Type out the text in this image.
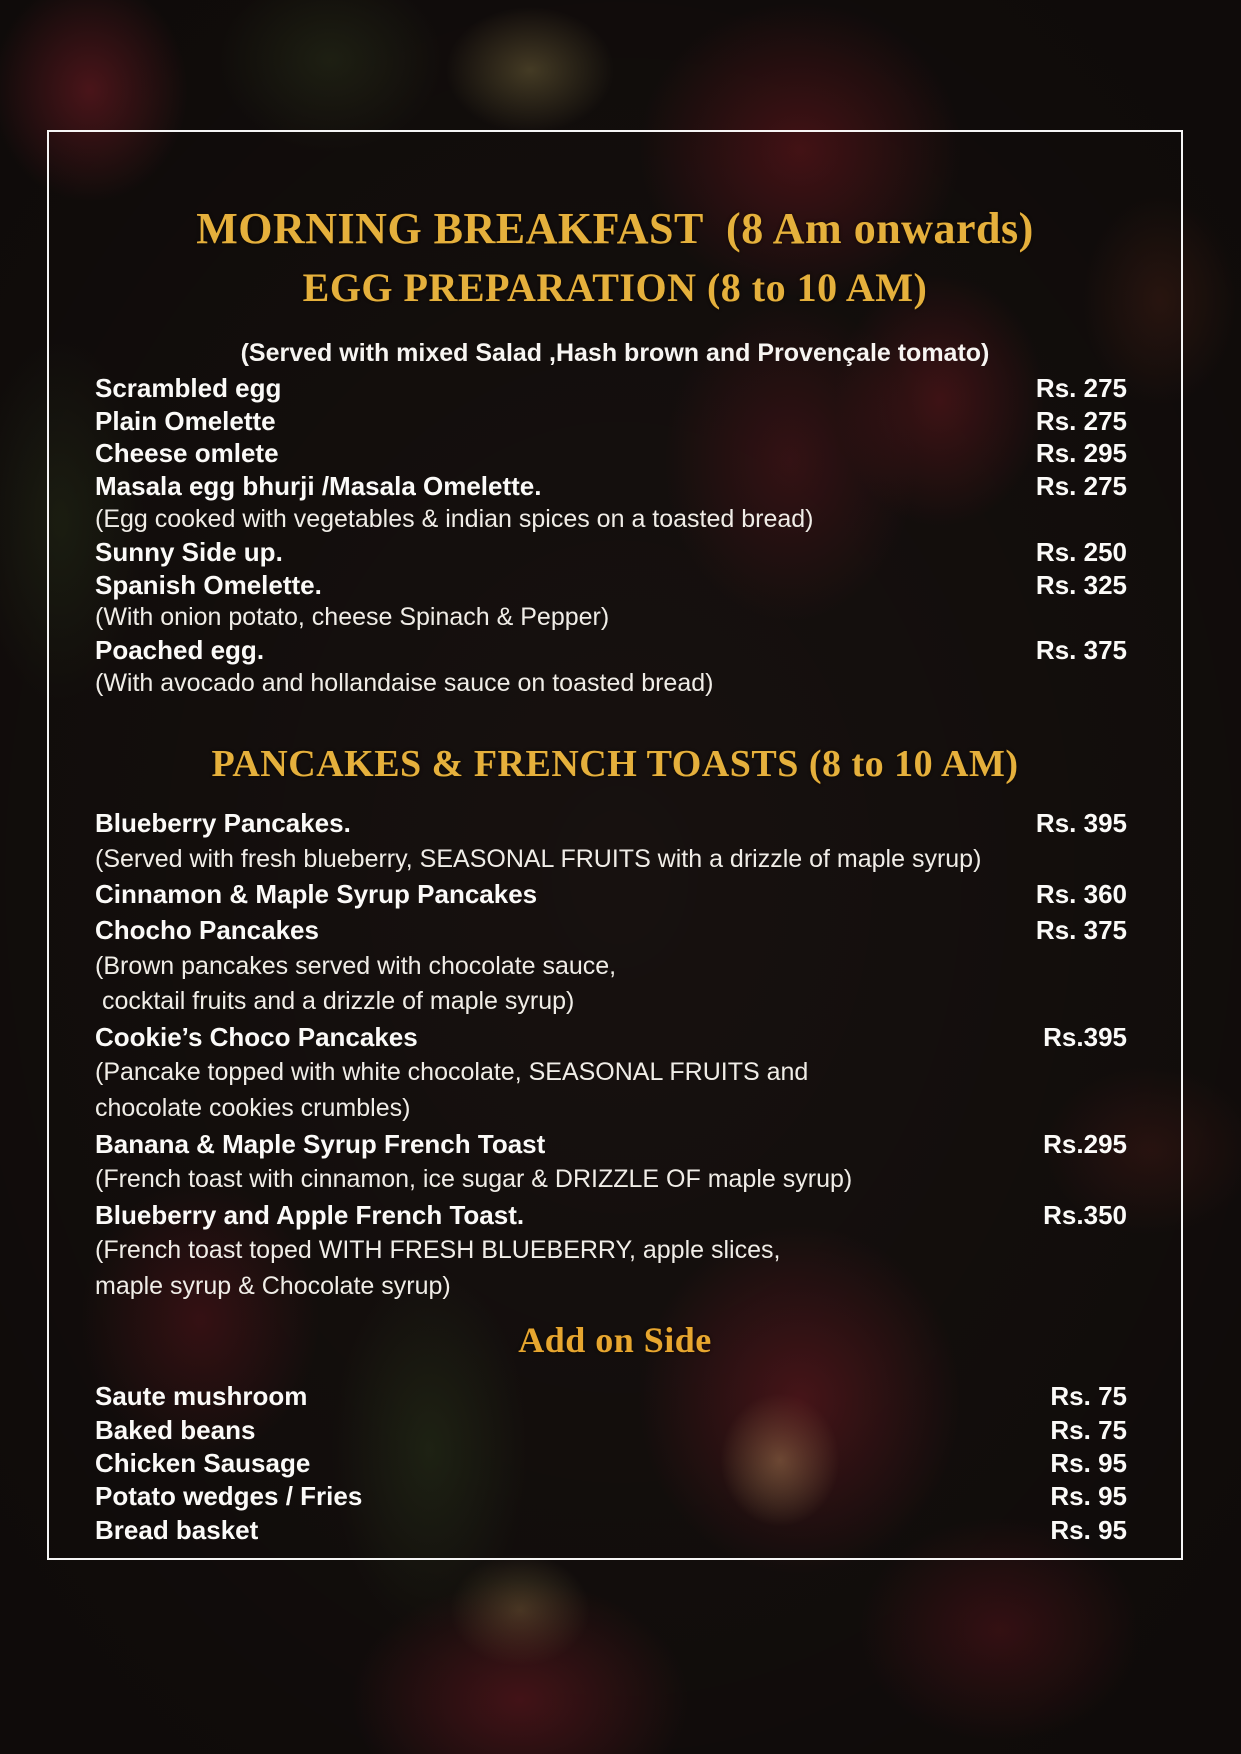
MORNING BREAKFAST  (8 Am onwards)
EGG PREPARATION (8 to 10 AM)
(Served with mixed Salad ,Hash brown and Provençale tomato)
Scrambled egg	Rs. 275
Plain Omelette	Rs. 275
Cheese omlete	Rs. 295
Masala egg bhurji /Masala Omelette.	Rs. 275
(Egg cooked with vegetables & indian spices on a toasted bread)
Sunny Side up.	Rs. 250
Spanish Omelette.	Rs. 325
(With onion potato, cheese Spinach & Pepper)
Poached egg.	Rs. 375
(With avocado and hollandaise sauce on toasted bread)
PANCAKES & FRENCH TOASTS (8 to 10 AM)
Blueberry Pancakes.	Rs. 395
(Served with fresh blueberry, SEASONAL FRUITS with a drizzle of maple syrup)
Cinnamon & Maple Syrup Pancakes	Rs. 360
Chocho Pancakes	Rs. 375
(Brown pancakes served with chocolate sauce,
cocktail fruits and a drizzle of maple syrup)
Cookie’s Choco Pancakes	Rs.395
(Pancake topped with white chocolate, SEASONAL FRUITS and
chocolate cookies crumbles)
Banana & Maple Syrup French Toast	Rs.295
(French toast with cinnamon, ice sugar & DRIZZLE OF maple syrup)
Blueberry and Apple French Toast.	Rs.350
(French toast toped WITH FRESH BLUEBERRY, apple slices,
maple syrup & Chocolate syrup)
Add on Side
Saute mushroom	Rs. 75
Baked beans	Rs. 75
Chicken Sausage	Rs. 95
Potato wedges / Fries	Rs. 95
Bread basket	Rs. 95
